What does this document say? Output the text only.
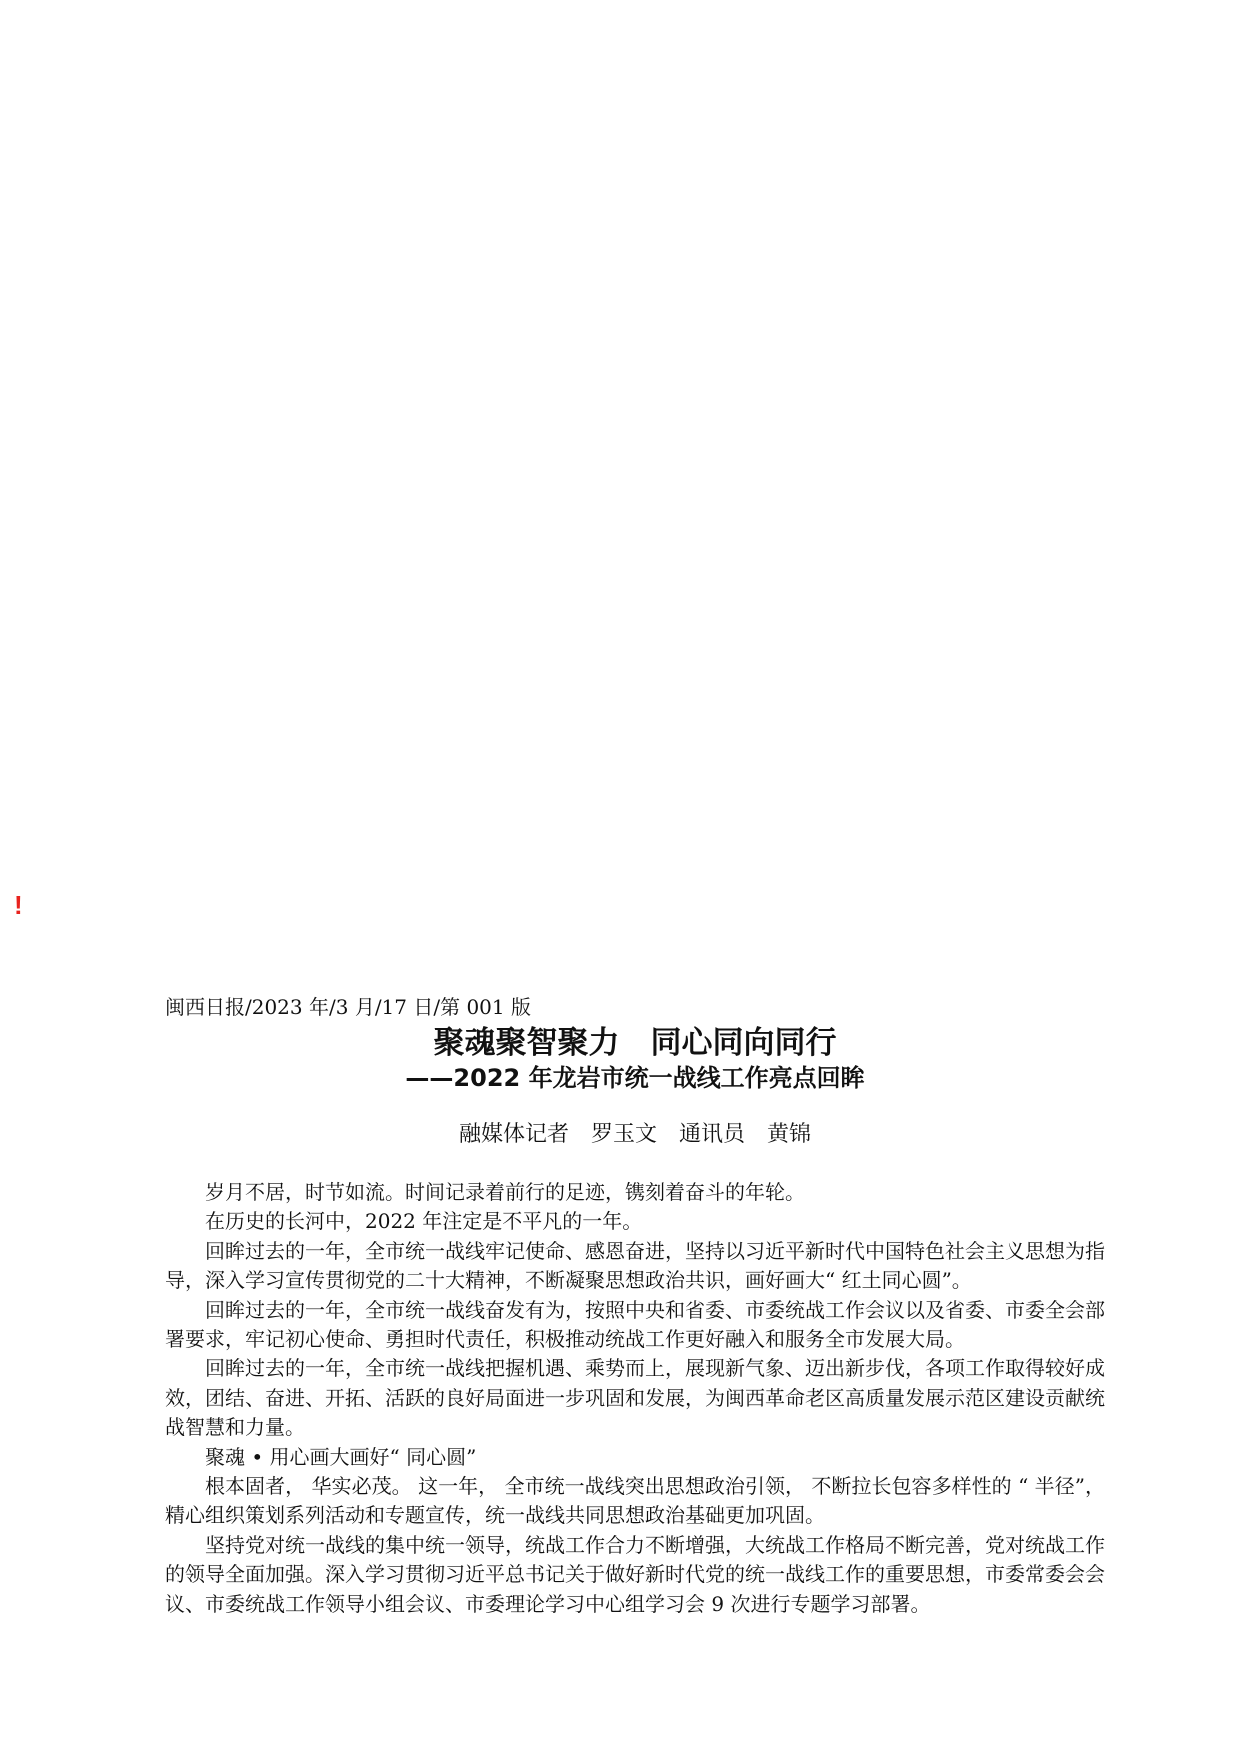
!
闽西日报/2023 年/3 月/17 日/第 001 版
聚魂聚智聚力　同心同向同行
——2022 年龙岩市统一战线工作亮点回眸
融媒体记者　罗玉文　通讯员　黄锦

岁月不居，时节如流。时间记录着前行的足迹，镌刻着奋斗的年轮。

在历史的长河中，2022 年注定是不平凡的一年。

回眸过去的一年，全市统一战线牢记使命、感恩奋进，坚持以习近平新时代中国特色社会主义思想为指导，深入学习宣传贯彻党的二十大精神，不断凝聚思想政治共识，画好画大“ 红土同心圆”。

回眸过去的一年，全市统一战线奋发有为，按照中央和省委、市委统战工作会议以及省委、市委全会部署要求，牢记初心使命、勇担时代责任，积极推动统战工作更好融入和服务全市发展大局。

回眸过去的一年，全市统一战线把握机遇、乘势而上，展现新气象、迈出新步伐，各项工作取得较好成效，团结、奋进、开拓、活跃的良好局面进一步巩固和发展，为闽西革命老区高质量发展示范区建设贡献统战智慧和力量。

聚魂 • 用心画大画好“ 同心圆”

根本固者， 华实必茂。 这一年， 全市统一战线突出思想政治引领， 不断拉长包容多样性的 “ 半径”，精心组织策划系列活动和专题宣传，统一战线共同思想政治基础更加巩固。

坚持党对统一战线的集中统一领导，统战工作合力不断增强，大统战工作格局不断完善，党对统战工作的领导全面加强。深入学习贯彻习近平总书记关于做好新时代党的统一战线工作的重要思想，市委常委会会议、市委统战工作领导小组会议、市委理论学习中心组学习会 9 次进行专题学习部署。
